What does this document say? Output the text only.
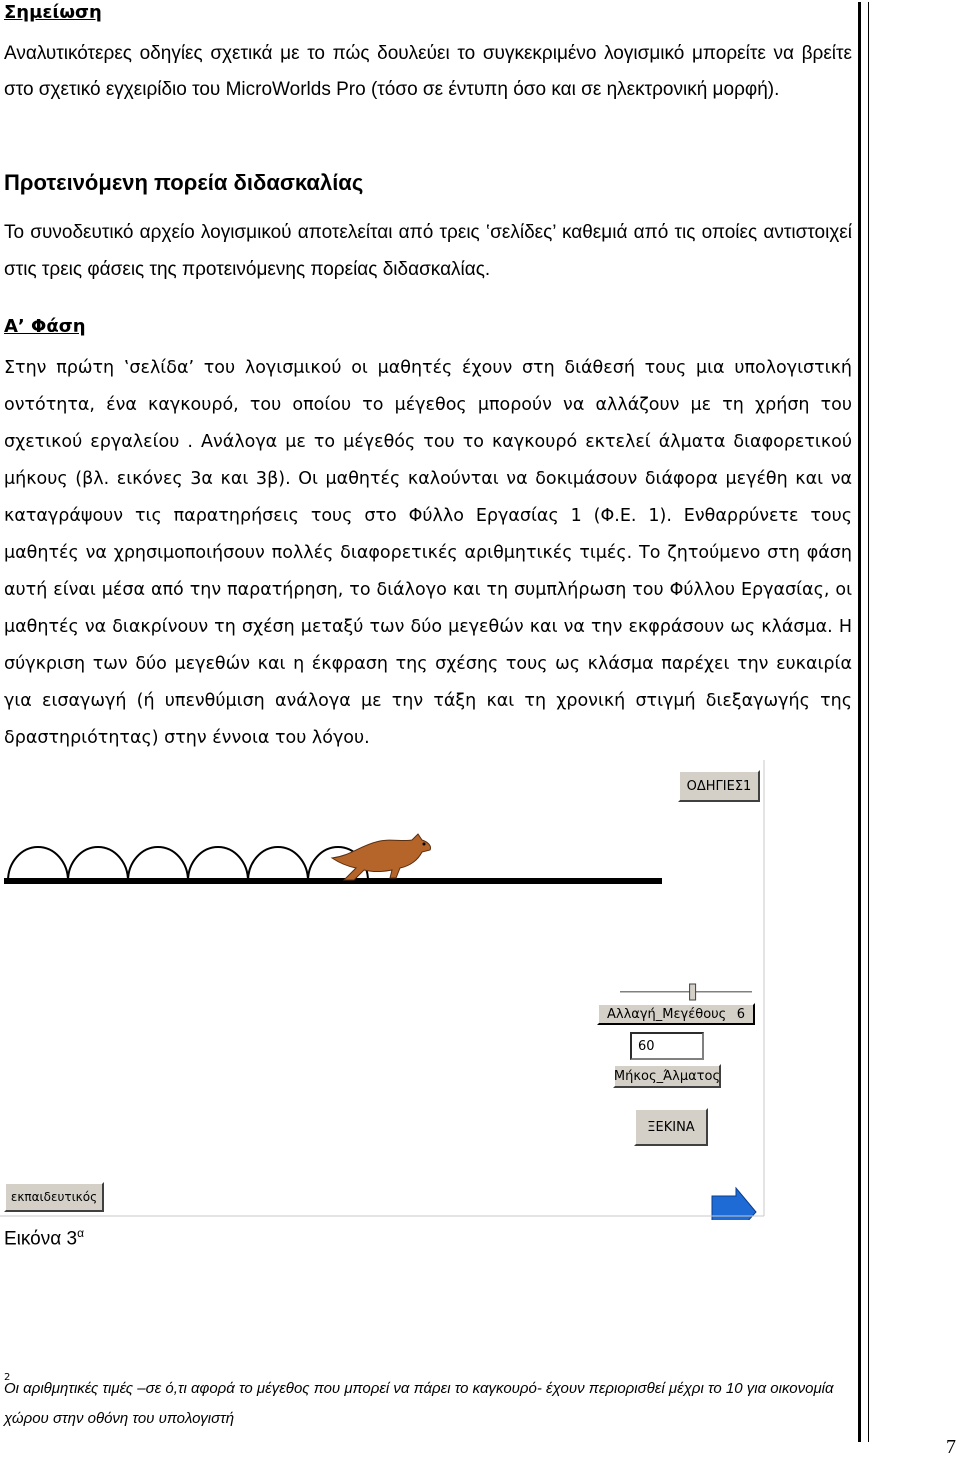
Σημείωση
Αναλυτικότερες οδηγίες σχετικά με το πώς δουλεύει το συγκεκριμένο λογισμικό μπορείτε να βρείτε στο σχετικό εγχειρίδιο του MicroWorlds Pro (τόσο σε έντυπη όσο και σε ηλεκτρονική μορφή).
Προτεινόμενη πορεία διδασκαλίας
Το συνοδευτικό αρχείο λογισμικού αποτελείται από τρεις ‛σελίδες’ καθεμιά από τις οποίες αντιστοιχεί στις τρεις φάσεις της προτεινόμενης πορείας διδασκαλίας.
Α’ Φάση
Στην πρώτη ‛σελίδα’ του λογισμικού οι μαθητές έχουν στη διάθεσή τους μια υπολογιστική οντότητα, ένα καγκουρό, του οποίου το μέγεθος μπορούν να αλλάζουν με τη χρήση του σχετικού εργαλείου . Ανάλογα με το μέγεθός του το καγκουρό εκτελεί άλματα διαφορετικού μήκους (βλ. εικόνες 3α και 3β). Οι μαθητές καλούνται να δοκιμάσουν διάφορα μεγέθη και να καταγράψουν τις παρατηρήσεις τους στο Φύλλο Εργασίας 1 (Φ.Ε. 1). Ενθαρρύνετε τους μαθητές να χρησιμοποιήσουν πολλές διαφορετικές αριθμητικές τιμές. Το ζητούμενο στη φάση αυτή είναι μέσα από την παρατήρηση, το διάλογο και τη συμπλήρωση του Φύλλου Εργασίας, οι μαθητές να διακρίνουν τη σχέση μεταξύ των δύο μεγεθών και να την εκφράσουν ως κλάσμα. Η σύγκριση των δύο μεγεθών και η έκφραση της σχέσης τους ως κλάσμα παρέχει την ευκαιρία για εισαγωγή (ή υπενθύμιση ανάλογα με την τάξη και τη χρονική στιγμή διεξαγωγής της δραστηριότητας) στην έννοια του λόγου.
ΟΔΗΓΙΕΣ1
Αλλαγή_Μεγέθους 6
60
Μήκος_Άλματος
ΞΕΚΙΝΑ
εκπαιδευτικός
Εικόνα $3^\alpha$
2
Οι αριθμητικές τιμές –σε ό,τι αφορά το μέγεθος που μπορεί να πάρει το καγκουρό- έχουν περιορισθεί μέχρι το 10 για οικονομία χώρου στην οθόνη του υπολογιστή
7
